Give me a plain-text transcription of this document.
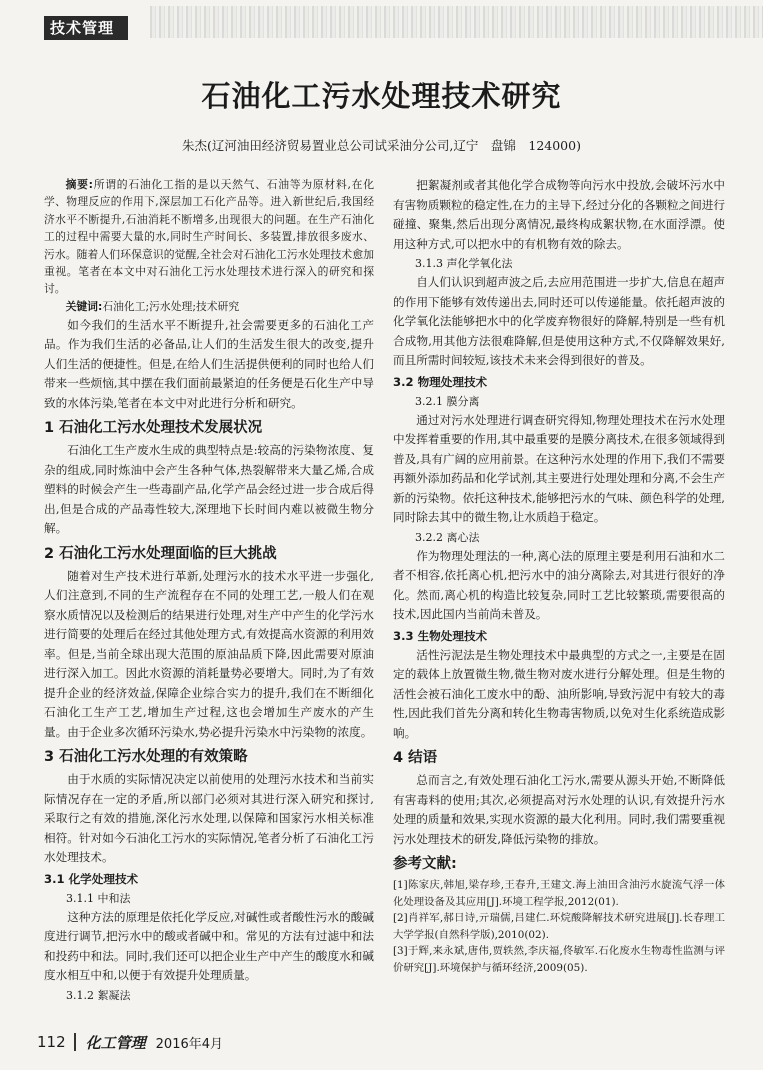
技术管理
石油化工污水处理技术研究
朱杰(辽河油田经济贸易置业总公司试采油分公司,辽宁　盘锦　124000)

摘要:所谓的石油化工指的是以天然气、石油等为原材料,在化学、物理反应的作用下,深层加工石化产品等。进入新世纪后,我国经济水平不断提升,石油消耗不断增多,出现很大的问题。在生产石油化工的过程中需要大量的水,同时生产时间长、多装置,排放很多废水、污水。随着人们环保意识的觉醒,全社会对石油化工污水处理技术愈加重视。笔者在本文中对石油化工污水处理技术进行深入的研究和探讨。

关键词:石油化工;污水处理;技术研究

如今我们的生活水平不断提升,社会需要更多的石油化工产品。作为我们生活的必备品,让人们的生活发生很大的改变,提升人们生活的便捷性。但是,在给人们生活提供便利的同时也给人们带来一些烦恼,其中摆在我们面前最紧迫的任务便是石化生产中导致的水体污染,笔者在本文中对此进行分析和研究。

1 石油化工污水处理技术发展状况

石油化工生产废水生成的典型特点是:较高的污染物浓度、复杂的组成,同时炼油中会产生各种气体,热裂解带来大量乙烯,合成塑料的时候会产生一些毒副产品,化学产品会经过进一步合成后得出,但是合成的产品毒性较大,深理地下长时间内难以被微生物分解。

2 石油化工污水处理面临的巨大挑战

随着对生产技术进行革新,处理污水的技术水平进一步强化,人们注意到,不同的生产流程存在不同的处理工艺,一般人们在观察水质情况以及检测后的结果进行处理,对生产中产生的化学污水进行简要的处理后在经过其他处理方式,有效提高水资源的利用效率。但是,当前全球出现大范围的原油品质下降,因此需要对原油进行深入加工。因此水资源的消耗量势必要增大。同时,为了有效提升企业的经济效益,保障企业综合实力的提升,我们在不断细化石油化工生产工艺,增加生产过程,这也会增加生产废水的产生量。由于企业多次循环污染水,势必提升污染水中污染物的浓度。

3 石油化工污水处理的有效策略

由于水质的实际情况决定以前使用的处理污水技术和当前实际情况存在一定的矛盾,所以部门必须对其进行深入研究和探讨,采取行之有效的措施,深化污水处理,以保障和国家污水相关标准相符。针对如今石油化工污水的实际情况,笔者分析了石油化工污水处理技术。

3.1 化学处理技术
3.1.1 中和法

这种方法的原理是依托化学反应,对碱性或者酸性污水的酸碱度进行调节,把污水中的酸或者碱中和。常见的方法有过滤中和法和投药中和法。同时,我们还可以把企业生产中产生的酸度水和碱度水相互中和,以便于有效提升处理质量。

3.1.2 絮凝法

把絮凝剂或者其他化学合成物等向污水中投放,会破坏污水中有害物质颗粒的稳定性,在力的主导下,经过分化的各颗粒之间进行碰撞、聚集,然后出现分离情况,最终构成絮状物,在水面浮漂。使用这种方式,可以把水中的有机物有效的除去。

3.1.3 声化学氧化法

自人们认识到超声波之后,去应用范围进一步扩大,信息在超声的作用下能够有效传递出去,同时还可以传递能量。依托超声波的化学氧化法能够把水中的化学废弃物很好的降解,特别是一些有机合成物,用其他方法很难降解,但是使用这种方式,不仅降解效果好,而且所需时间较短,该技术未来会得到很好的普及。

3.2 物理处理技术
3.2.1 膜分离

通过对污水处理进行调查研究得知,物理处理技术在污水处理中发挥着重要的作用,其中最重要的是膜分离技术,在很多领域得到普及,具有广阔的应用前景。在这种污水处理的作用下,我们不需要再额外添加药品和化学试剂,其主要进行处理处理和分离,不会生产新的污染物。依托这种技术,能够把污水的气味、颜色科学的处理,同时除去其中的微生物,让水质趋于稳定。

3.2.2 离心法

作为物理处理法的一种,离心法的原理主要是利用石油和水二者不相容,依托离心机,把污水中的油分离除去,对其进行很好的净化。然而,离心机的构造比较复杂,同时工艺比较繁琐,需要很高的技术,因此国内当前尚未普及。

3.3 生物处理技术

活性污泥法是生物处理技术中最典型的方式之一,主要是在固定的载体上放置微生物,微生物对废水进行分解处理。但是生物的活性会被石油化工废水中的酚、油所影响,导致污泥中有较大的毒性,因此我们首先分离和转化生物毒害物质,以免对生化系统造成影响。

4 结语

总而言之,有效处理石油化工污水,需要从源头开始,不断降低有害毒料的使用;其次,必须提高对污水处理的认识,有效提升污水处理的质量和效果,实现水资源的最大化利用。同时,我们需要重视污水处理技术的研发,降低污染物的排放。

参考文献:

[1]陈家庆,韩旭,梁存珍,王春升,王建文.海上油田含油污水旋流气浮一体化处理设备及其应用[J].环境工程学报,2012(01).

[2]肖祥军,郝日诗,亓瑞儒,吕建仁.环烷酸降解技术研究进展[J].长春理工大学学报(自然科学版),2010(02).

[3]于辉,来永斌,唐伟,贾轶然,李庆福,佟敏军.石化废水生物毒性监测与评价研究[J].环境保护与循环经济,2009(05).

112 化工管理 2016年4月
